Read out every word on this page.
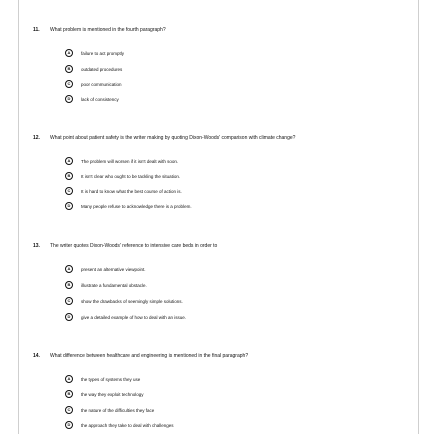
11. What problem is mentioned in the fourth paragraph?
A	failure to act promptly
B	outdated procedures
C	poor communication
D	lack of consistency
12. What point about patient safety is the writer making by quoting Dixon-Woods' comparison with climate change?
A	The problem will worsen if it isn't dealt with soon.
B	It isn't clear who ought to be tackling the situation.
C	It is hard to know what the best course of action is.
D	Many people refuse to acknowledge there is a problem.
13. The writer quotes Dixon-Woods' reference to intensive care beds in order to
A	present an alternative viewpoint.
B	illustrate a fundamental obstacle.
C	show the drawbacks of seemingly simple solutions.
D	give a detailed example of how to deal with an issue.
14. What difference between healthcare and engineering is mentioned in the final paragraph?
A	the types of systems they use
B	the way they exploit technology
C	the nature of the difficulties they face
D	the approach they take to deal with challenges
